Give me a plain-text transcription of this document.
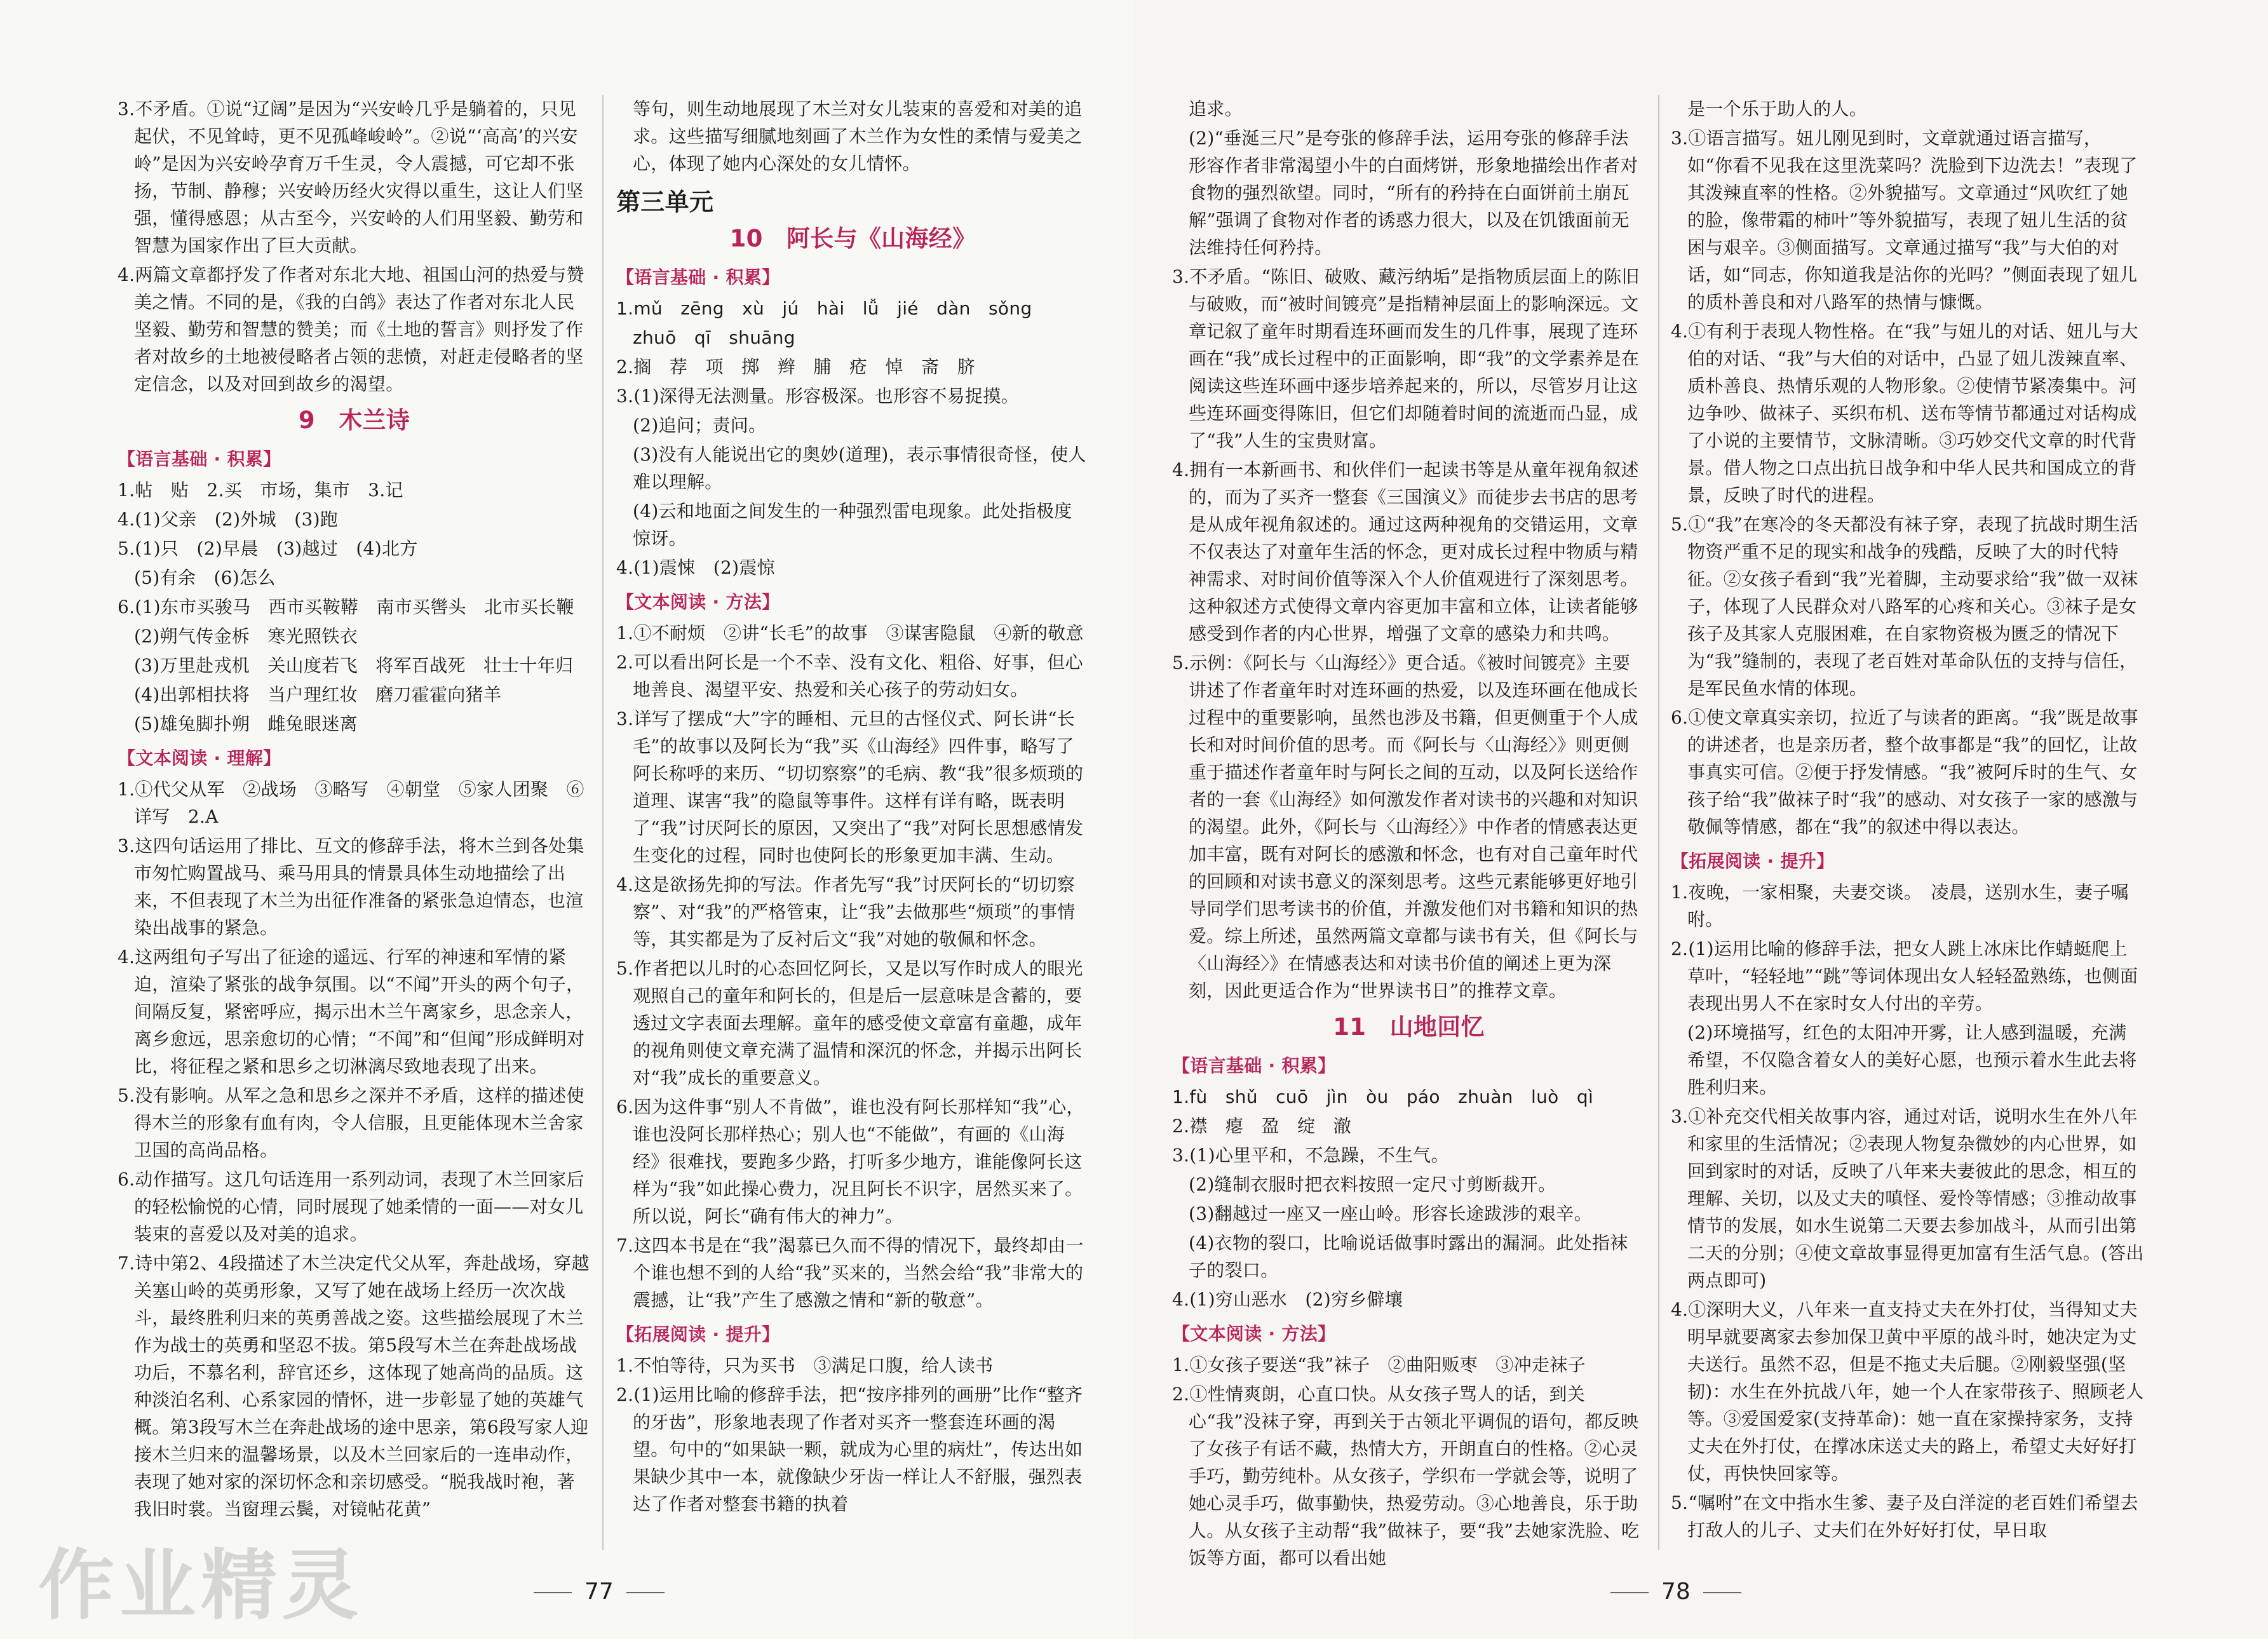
3.不矛盾。①说“辽阔”是因为“兴安岭几乎是躺着的，只见起伏，不见耸峙，更不见孤峰峻岭”。②说“‘高高’的兴安岭”是因为兴安岭孕育万千生灵，令人震撼，可它却不张扬，节制、静穆；兴安岭历经火灾得以重生，这让人们坚强，懂得感恩；从古至今，兴安岭的人们用坚毅、勤劳和智慧为国家作出了巨大贡献。

4.两篇文章都抒发了作者对东北大地、祖国山河的热爱与赞美之情。不同的是，《我的白鸽》表达了作者对东北人民坚毅、勤劳和智慧的赞美；而《土地的誓言》则抒发了作者对故乡的土地被侵略者占领的悲愤，对赶走侵略者的坚定信念，以及对回到故乡的渴望。

9　木兰诗
【语言基础 · 积累】

1.帖　贴　2.买　市场，集市　3.记

4.(1)父亲　(2)外城　(3)跑

5.(1)只　(2)早晨　(3)越过　(4)北方

(5)有余　(6)怎么

6.(1)东市买骏马　西市买鞍鞯　南市买辔头　北市买长鞭

(2)朔气传金柝　寒光照铁衣

(3)万里赴戎机　关山度若飞　将军百战死　壮士十年归

(4)出郭相扶将　当户理红妆　磨刀霍霍向猪羊

(5)雄兔脚扑朔　雌兔眼迷离

【文本阅读 · 理解】

1.①代父从军　②战场　③略写　④朝堂　⑤家人团聚　⑥详写　2.A

3.这四句话运用了排比、互文的修辞手法，将木兰到各处集市匆忙购置战马、乘马用具的情景具体生动地描绘了出来，不但表现了木兰为出征作准备的紧张急迫情态，也渲染出战事的紧急。

4.这两组句子写出了征途的遥远、行军的神速和军情的紧迫，渲染了紧张的战争氛围。以“不闻”开头的两个句子，间隔反复，紧密呼应，揭示出木兰午离家乡，思念亲人，离乡愈远，思亲愈切的心情；“不闻”和“但闻”形成鲜明对比，将征程之紧和思乡之切淋漓尽致地表现了出来。

5.没有影响。从军之急和思乡之深并不矛盾，这样的描述使得木兰的形象有血有肉，令人信服，且更能体现木兰舍家卫国的高尚品格。

6.动作描写。这几句话连用一系列动词，表现了木兰回家后的轻松愉悦的心情，同时展现了她柔情的一面——对女儿装束的喜爱以及对美的追求。

7.诗中第2、4段描述了木兰决定代父从军，奔赴战场，穿越关塞山岭的英勇形象，又写了她在战场上经历一次次战斗，最终胜利归来的英勇善战之姿。这些描绘展现了木兰作为战士的英勇和坚忍不拔。第5段写木兰在奔赴战场战功后，不慕名利，辞官还乡，这体现了她高尚的品质。这种淡泊名利、心系家园的情怀，进一步彰显了她的英雄气概。第3段写木兰在奔赴战场的途中思亲，第6段写家人迎接木兰归来的温馨场景，以及木兰回家后的一连串动作，表现了她对家的深切怀念和亲切感受。“脱我战时袍，著我旧时裳。当窗理云鬓，对镜帖花黄”

等句，则生动地展现了木兰对女儿装束的喜爱和对美的追求。这些描写细腻地刻画了木兰作为女性的柔情与爱美之心，体现了她内心深处的女儿情怀。

第三单元
10　阿长与《山海经》
【语言基础 · 积累】

1.mǔ　zēng　xù　jú　hài　lǚ　jié　dàn　sǒng

zhuō　qī　shuāng

2.搁　荐　项　掷　辫　脯　疮　悼　斋　脐

3.(1)深得无法测量。形容极深。也形容不易捉摸。

(2)追问；责问。

(3)没有人能说出它的奥妙(道理)，表示事情很奇怪，使人难以理解。

(4)云和地面之间发生的一种强烈雷电现象。此处指极度惊讶。

4.(1)震悚　(2)震惊

【文本阅读 · 方法】

1.①不耐烦　②讲“长毛”的故事　③谋害隐鼠　④新的敬意

2.可以看出阿长是一个不幸、没有文化、粗俗、好事，但心地善良、渴望平安、热爱和关心孩子的劳动妇女。

3.详写了摆成“大”字的睡相、元旦的古怪仪式、阿长讲“长毛”的故事以及阿长为“我”买《山海经》四件事，略写了阿长称呼的来历、“切切察察”的毛病、教“我”很多烦琐的道理、谋害“我”的隐鼠等事件。这样有详有略，既表明了“我”讨厌阿长的原因，又突出了“我”对阿长思想感情发生变化的过程，同时也使阿长的形象更加丰满、生动。

4.这是欲扬先抑的写法。作者先写“我”讨厌阿长的“切切察察”、对“我”的严格管束，让“我”去做那些“烦琐”的事情等，其实都是为了反衬后文“我”对她的敬佩和怀念。

5.作者把以儿时的心态回忆阿长，又是以写作时成人的眼光观照自己的童年和阿长的，但是后一层意味是含蓄的，要透过文字表面去理解。童年的感受使文章富有童趣，成年的视角则使文章充满了温情和深沉的怀念，并揭示出阿长对“我”成长的重要意义。

6.因为这件事“别人不肯做”，谁也没有阿长那样知“我”心，谁也没阿长那样热心；别人也“不能做”，有画的《山海经》很难找，要跑多少路，打听多少地方，谁能像阿长这样为“我”如此操心费力，况且阿长不识字，居然买来了。所以说，阿长“确有伟大的神力”。

7.这四本书是在“我”渴慕已久而不得的情况下，最终却由一个谁也想不到的人给“我”买来的，当然会给“我”非常大的震撼，让“我”产生了感激之情和“新的敬意”。

【拓展阅读 · 提升】

1.不怕等待，只为买书　③满足口腹，给人读书

2.(1)运用比喻的修辞手法，把“按序排列的画册”比作“整齐的牙齿”，形象地表现了作者对买齐一整套连环画的渴望。句中的“如果缺一颗，就成为心里的病灶”，传达出如果缺少其中一本，就像缺少牙齿一样让人不舒服，强烈表达了作者对整套书籍的执着

77
作业精灵

追求。

(2)“垂涎三尺”是夸张的修辞手法，运用夸张的修辞手法形容作者非常渴望小牛的白面烤饼，形象地描绘出作者对食物的强烈欲望。同时，“所有的矜持在白面饼前土崩瓦解”强调了食物对作者的诱惑力很大，以及在饥饿面前无法维持任何矜持。

3.不矛盾。“陈旧、破败、藏污纳垢”是指物质层面上的陈旧与破败，而“被时间镀亮”是指精神层面上的影响深远。文章记叙了童年时期看连环画而发生的几件事，展现了连环画在“我”成长过程中的正面影响，即“我”的文学素养是在阅读这些连环画中逐步培养起来的，所以，尽管岁月让这些连环画变得陈旧，但它们却随着时间的流逝而凸显，成了“我”人生的宝贵财富。

4.拥有一本新画书、和伙伴们一起读书等是从童年视角叙述的，而为了买齐一整套《三国演义》而徒步去书店的思考是从成年视角叙述的。通过这两种视角的交错运用，文章不仅表达了对童年生活的怀念，更对成长过程中物质与精神需求、对时间价值等深入个人价值观进行了深刻思考。这种叙述方式使得文章内容更加丰富和立体，让读者能够感受到作者的内心世界，增强了文章的感染力和共鸣。

5.示例：《阿长与〈山海经〉》更合适。《被时间镀亮》主要讲述了作者童年时对连环画的热爱，以及连环画在他成长过程中的重要影响，虽然也涉及书籍，但更侧重于个人成长和对时间价值的思考。而《阿长与〈山海经〉》则更侧重于描述作者童年时与阿长之间的互动，以及阿长送给作者的一套《山海经》如何激发作者对读书的兴趣和对知识的渴望。此外，《阿长与〈山海经〉》中作者的情感表达更加丰富，既有对阿长的感激和怀念，也有对自己童年时代的回顾和对读书意义的深刻思考。这些元素能够更好地引导同学们思考读书的价值，并激发他们对书籍和知识的热爱。综上所述，虽然两篇文章都与读书有关，但《阿长与〈山海经〉》在情感表达和对读书价值的阐述上更为深刻，因此更适合作为“世界读书日”的推荐文章。

11　山地回忆
【语言基础 · 积累】

1.fù　shǔ　cuō　jìn　òu　páo　zhuàn　luò　qì

2.襟　瘪　盈　绽　澈

3.(1)心里平和，不急躁，不生气。

(2)缝制衣服时把衣料按照一定尺寸剪断裁开。

(3)翻越过一座又一座山岭。形容长途跋涉的艰辛。

(4)衣物的裂口，比喻说话做事时露出的漏洞。此处指袜子的裂口。

4.(1)穷山恶水　(2)穷乡僻壤

【文本阅读 · 方法】

1.①女孩子要送“我”袜子　②曲阳贩枣　③冲走袜子

2.①性情爽朗，心直口快。从女孩子骂人的话，到关心“我”没袜子穿，再到关于古领北平调侃的语句，都反映了女孩子有话不藏，热情大方，开朗直白的性格。②心灵手巧，勤劳纯朴。从女孩子，学织布一学就会等，说明了她心灵手巧，做事勤快，热爱劳动。③心地善良，乐于助人。从女孩子主动帮“我”做袜子，要“我”去她家洗脸、吃饭等方面，都可以看出她

是一个乐于助人的人。

3.①语言描写。妞儿刚见到时，文章就通过语言描写，如“你看不见我在这里洗菜吗？洗脸到下边洗去！”表现了其泼辣直率的性格。②外貌描写。文章通过“风吹红了她的脸，像带霜的柿叶”等外貌描写，表现了妞儿生活的贫困与艰辛。③侧面描写。文章通过描写“我”与大伯的对话，如“同志，你知道我是沾你的光吗？”侧面表现了妞儿的质朴善良和对八路军的热情与慷慨。

4.①有利于表现人物性格。在“我”与妞儿的对话、妞儿与大伯的对话、“我”与大伯的对话中，凸显了妞儿泼辣直率、质朴善良、热情乐观的人物形象。②使情节紧凑集中。河边争吵、做袜子、买织布机、送布等情节都通过对话构成了小说的主要情节，文脉清晰。③巧妙交代文章的时代背景。借人物之口点出抗日战争和中华人民共和国成立的背景，反映了时代的进程。

5.①“我”在寒冷的冬天都没有袜子穿，表现了抗战时期生活物资严重不足的现实和战争的残酷，反映了大的时代特征。②女孩子看到“我”光着脚，主动要求给“我”做一双袜子，体现了人民群众对八路军的心疼和关心。③袜子是女孩子及其家人克服困难，在自家物资极为匮乏的情况下为“我”缝制的，表现了老百姓对革命队伍的支持与信任，是军民鱼水情的体现。

6.①使文章真实亲切，拉近了与读者的距离。“我”既是故事的讲述者，也是亲历者，整个故事都是“我”的回忆，让故事真实可信。②便于抒发情感。“我”被阿斥时的生气、女孩子给“我”做袜子时“我”的感动、对女孩子一家的感激与敬佩等情感，都在“我”的叙述中得以表达。

【拓展阅读 · 提升】

1.夜晚，一家相聚，夫妻交谈。　凌晨，送别水生，妻子嘱咐。

2.(1)运用比喻的修辞手法，把女人跳上冰床比作蜻蜓爬上草叶，“轻轻地”“跳”等词体现出女人轻轻盈熟练，也侧面表现出男人不在家时女人付出的辛劳。

(2)环境描写，红色的太阳冲开雾，让人感到温暖，充满希望，不仅隐含着女人的美好心愿，也预示着水生此去将胜利归来。

3.①补充交代相关故事内容，通过对话，说明水生在外八年和家里的生活情况；②表现人物复杂微妙的内心世界，如回到家时的对话，反映了八年来夫妻彼此的思念，相互的理解、关切，以及丈夫的嗔怪、爱怜等情感；③推动故事情节的发展，如水生说第二天要去参加战斗，从而引出第二天的分别；④使文章故事显得更加富有生活气息。(答出两点即可)

4.①深明大义，八年来一直支持丈夫在外打仗，当得知丈夫明早就要离家去参加保卫黄中平原的战斗时，她决定为丈夫送行。虽然不忍，但是不拖丈夫后腿。②刚毅坚强(坚韧)：水生在外抗战八年，她一个人在家带孩子、照顾老人等。③爱国爱家(支持革命)：她一直在家操持家务，支持丈夫在外打仗，在撑冰床送丈夫的路上，希望丈夫好好打仗，再快快回家等。

5.“嘱咐”在文中指水生爹、妻子及白洋淀的老百姓们希望去打敌人的儿子、丈夫们在外好好打仗，早日取

78
